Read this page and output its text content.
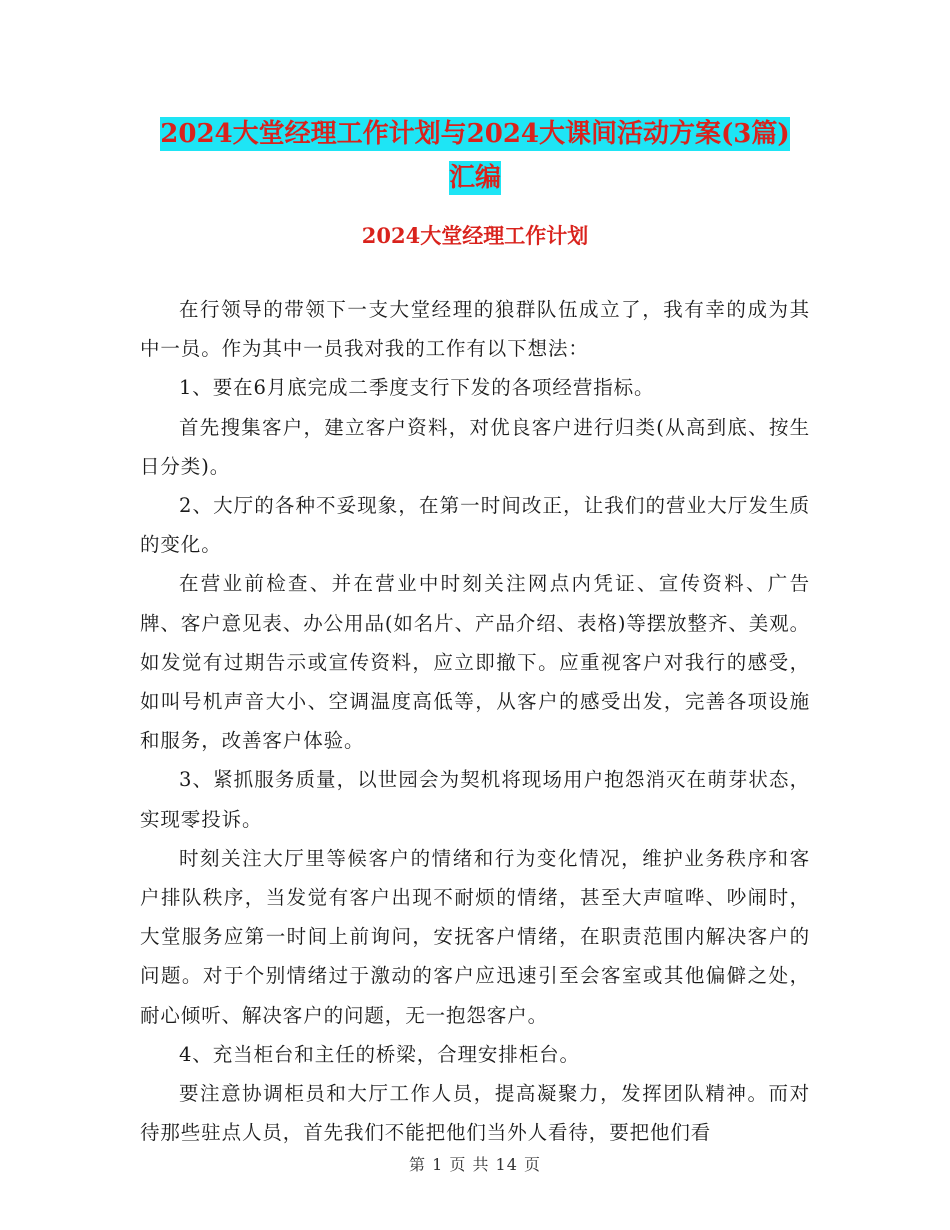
2024大堂经理工作计划与2024大课间活动方案(3篇)
汇编
2024大堂经理工作计划

在行领导的带领下一支大堂经理的狼群队伍成立了，我有幸的成为其中一员。作为其中一员我对我的工作有以下想法：

1、要在6月底完成二季度支行下发的各项经营指标。

首先搜集客户，建立客户资料，对优良客户进行归类(从高到底、按生日分类)。

2、大厅的各种不妥现象，在第一时间改正，让我们的营业大厅发生质的变化。

在营业前检查、并在营业中时刻关注网点内凭证、宣传资料、广告牌、客户意见表、办公用品(如名片、产品介绍、表格)等摆放整齐、美观。如发觉有过期告示或宣传资料，应立即撤下。应重视客户对我行的感受，如叫号机声音大小、空调温度高低等，从客户的感受出发，完善各项设施和服务，改善客户体验。

3、紧抓服务质量，以世园会为契机将现场用户抱怨消灭在萌芽状态，实现零投诉。

时刻关注大厅里等候客户的情绪和行为变化情况，维护业务秩序和客户排队秩序，当发觉有客户出现不耐烦的情绪，甚至大声喧哗、吵闹时，大堂服务应第一时间上前询问，安抚客户情绪，在职责范围内解决客户的问题。对于个别情绪过于激动的客户应迅速引至会客室或其他偏僻之处，耐心倾听、解决客户的问题，无一抱怨客户。

4、充当柜台和主任的桥梁，合理安排柜台。

要注意协调柜员和大厅工作人员，提高凝聚力，发挥团队精神。而对待那些驻点人员，首先我们不能把他们当外人看待，要把他们看

第 1 页 共 14 页
